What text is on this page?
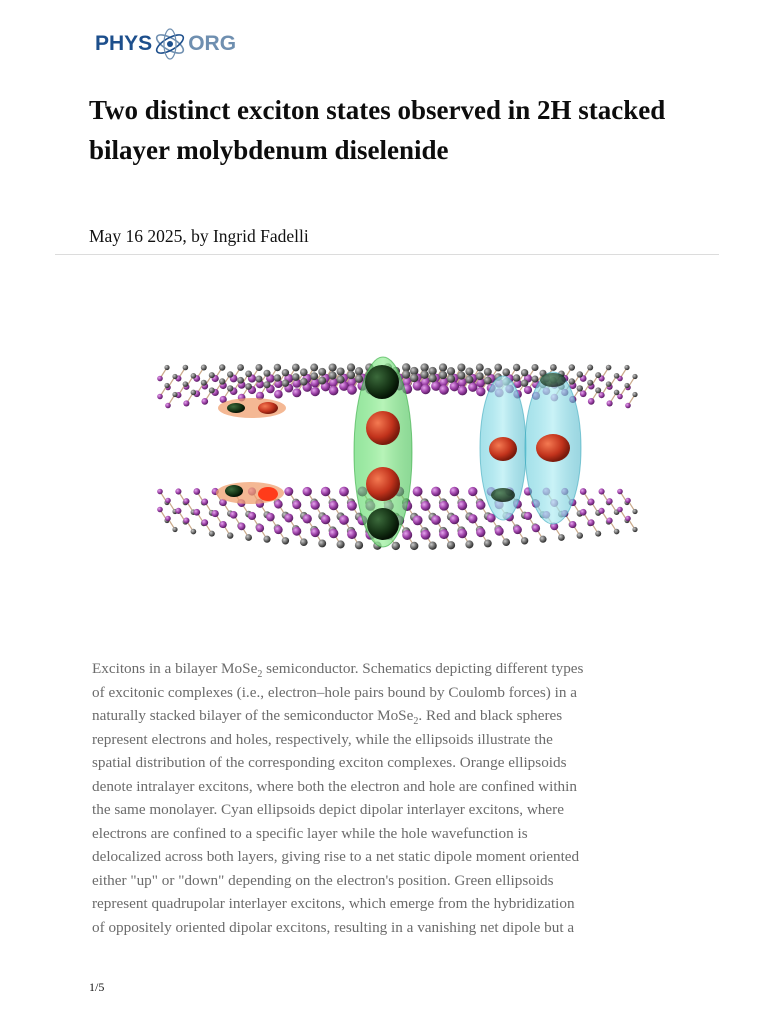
PHYS ORG
Two distinct exciton states observed in 2H stacked bilayer molybdenum diselenide
May 16 2025, by Ingrid Fadelli

Excitons in a bilayer MoSe$_2$ semiconductor. Schematics depicting different types
of excitonic complexes (i.e., electron–hole pairs bound by Coulomb forces) in a
naturally stacked bilayer of the semiconductor MoSe$_2$. Red and black spheres
represent electrons and holes, respectively, while the ellipsoids illustrate the
spatial distribution of the corresponding exciton complexes. Orange ellipsoids
denote intralayer excitons, where both the electron and hole are confined within
the same monolayer. Cyan ellipsoids depict dipolar interlayer excitons, where
electrons are confined to a specific layer while the hole wavefunction is
delocalized across both layers, giving rise to a net static dipole moment oriented
either "up" or "down" depending on the electron's position. Green ellipsoids
represent quadrupolar interlayer excitons, which emerge from the hybridization
of oppositely oriented dipolar excitons, resulting in a vanishing net dipole but a

1/5
